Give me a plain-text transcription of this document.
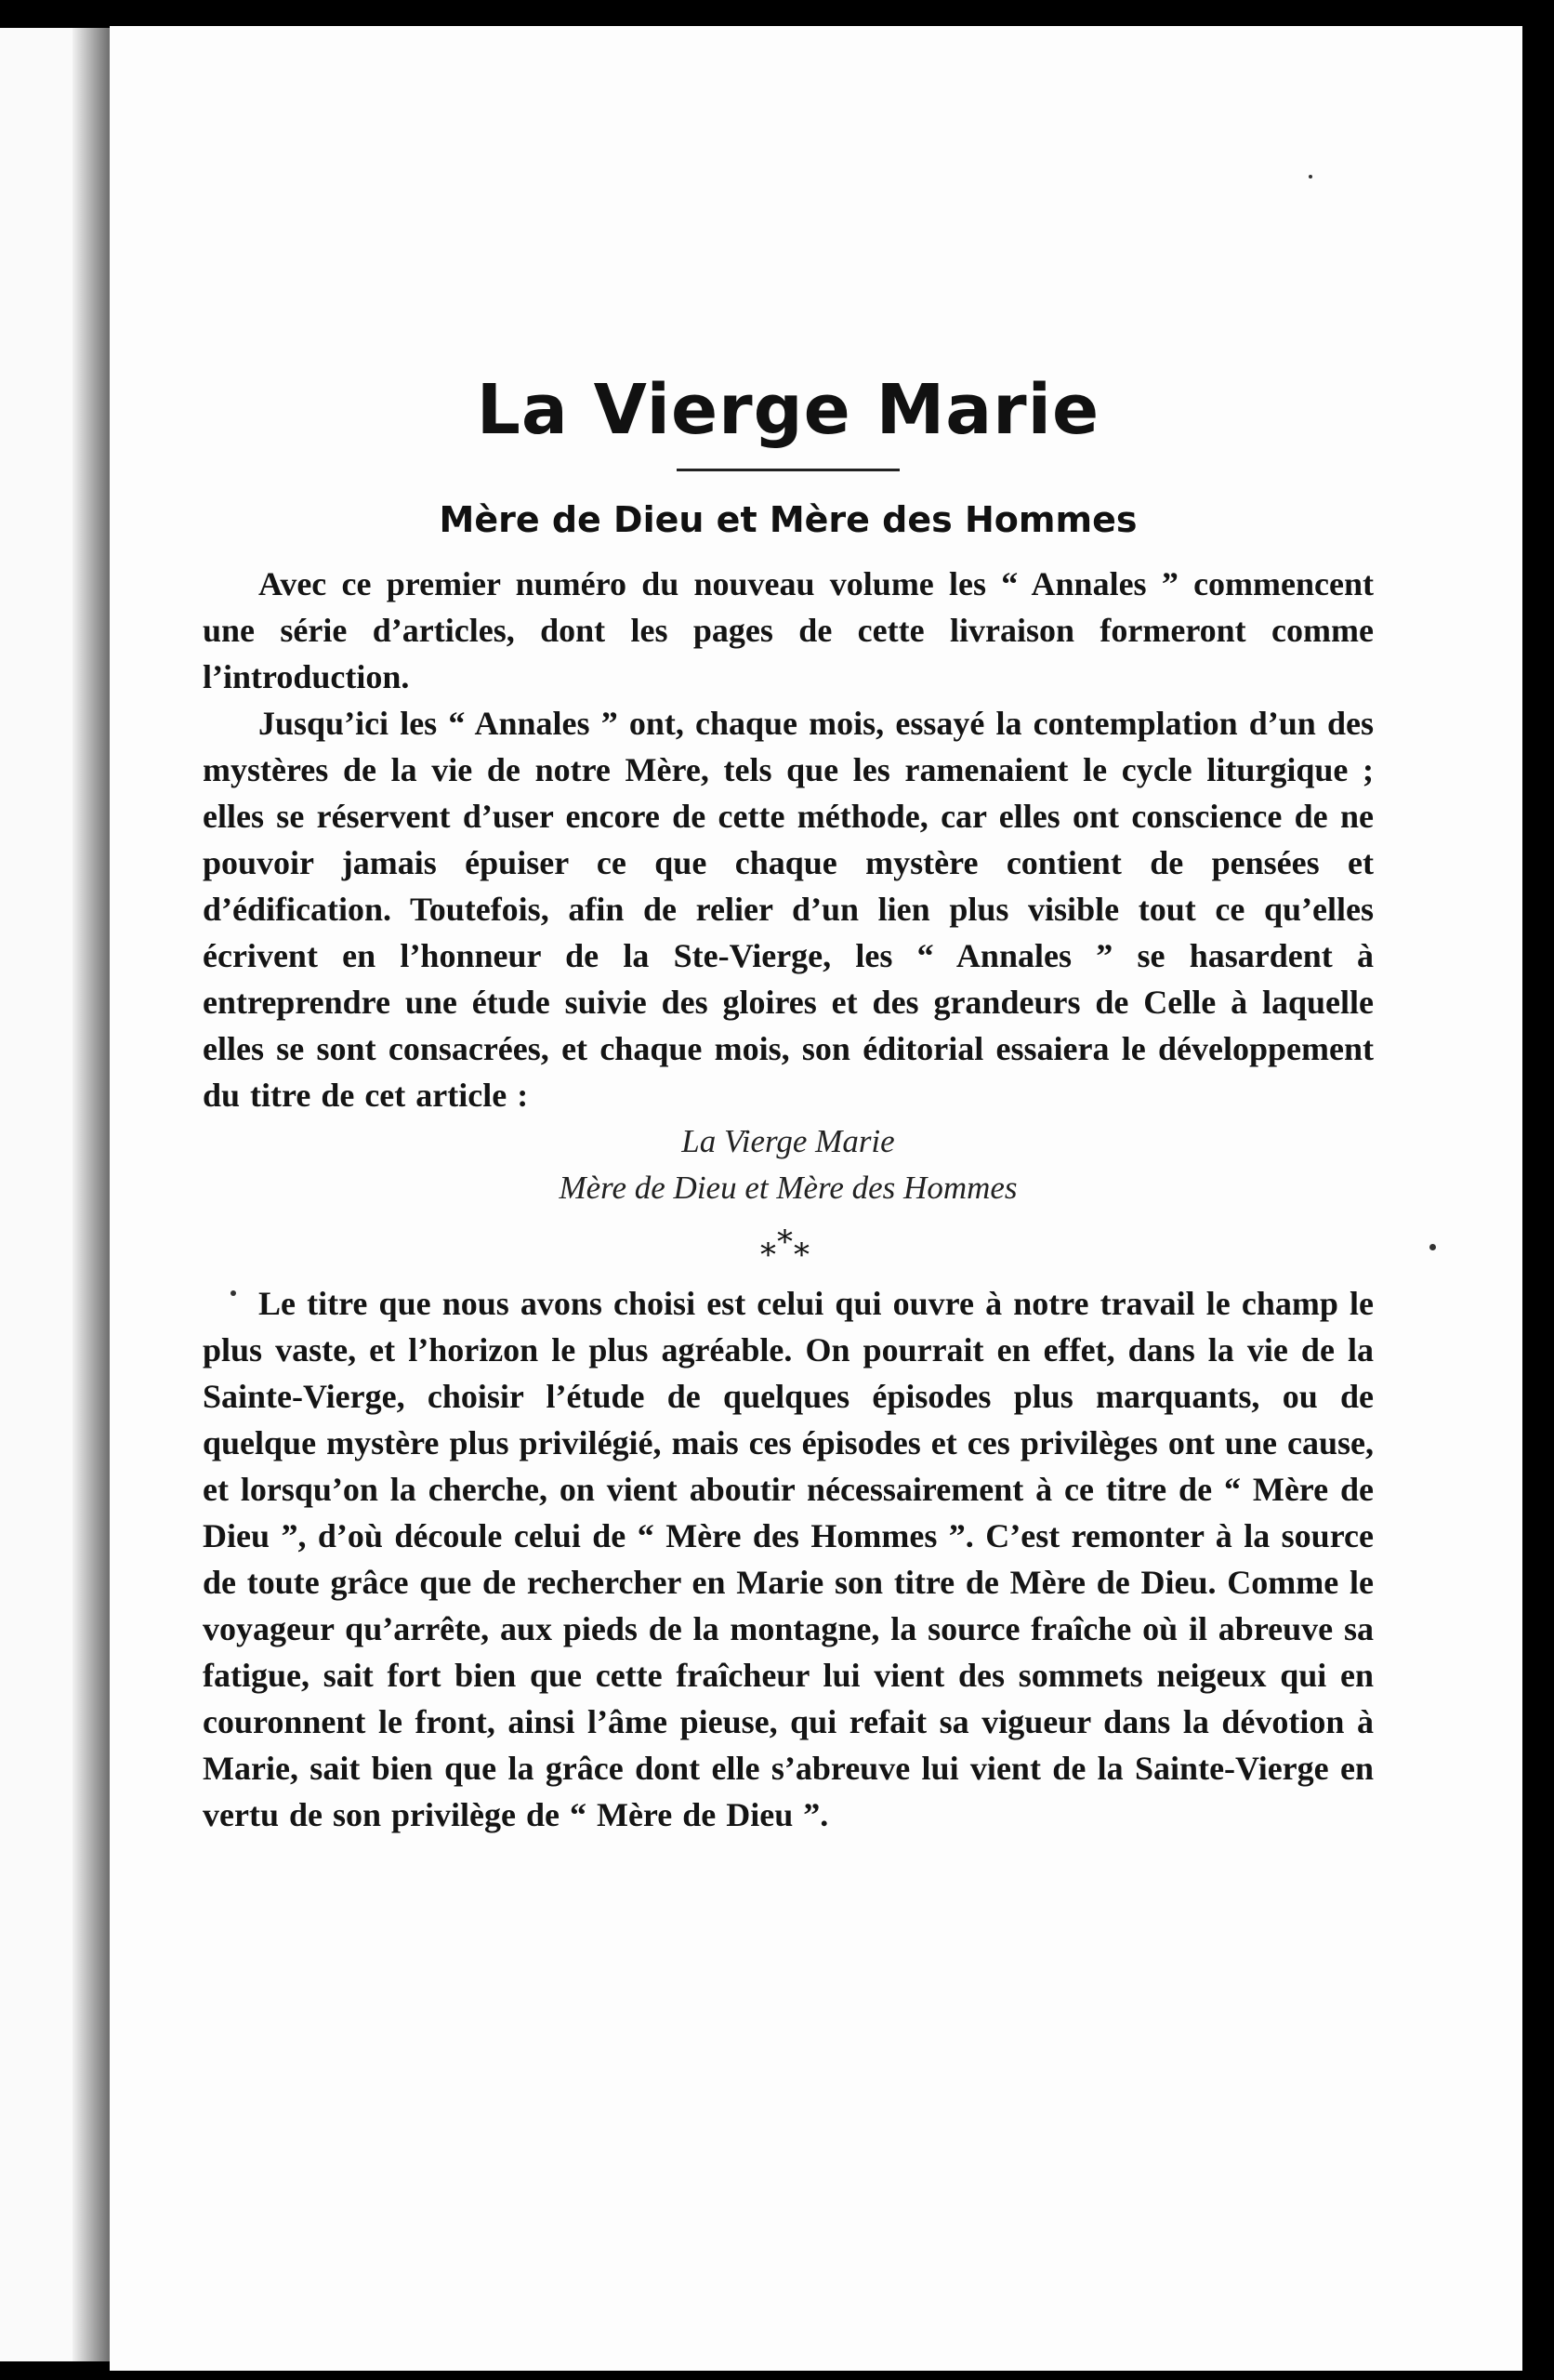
La Vierge Marie
Mère de Dieu et Mère des Hommes

Avec ce premier numéro du nouveau volume les “ Annales ” commencent une série d’articles, dont les pages de cette livraison formeront comme l’introduction.

Jusqu’ici les “ Annales ” ont, chaque mois, essayé la contemplation d’un des mystères de la vie de notre Mère, tels que les ramenaient le cycle liturgique ; elles se réservent d’user encore de cette méthode, car elles ont conscience de ne pouvoir jamais épuiser ce que chaque mystère contient de pensées et d’édification. Toutefois, afin de relier d’un lien plus visible tout ce qu’elles écrivent en l’honneur de la Ste-Vierge, les “ Annales ” se hasardent à entreprendre une étude suivie des gloires et des grandeurs de Celle à laquelle elles se sont consacrées, et chaque mois, son éditorial essaiera le développement du titre de cet article :

La Vierge Marie

Mère de Dieu et Mère des Hommes

*
* *

Le titre que nous avons choisi est celui qui ouvre à notre travail le champ le plus vaste, et l’horizon le plus agréable. On pourrait en effet, dans la vie de la Sainte-Vierge, choisir l’étude de quelques épisodes plus marquants, ou de quelque mystère plus privilégié, mais ces épisodes et ces privilèges ont une cause, et lorsqu’on la cherche, on vient aboutir nécessairement à ce titre de “ Mère de Dieu ”, d’où découle celui de “ Mère des Hommes ”. C’est remonter à la source de toute grâce que de rechercher en Marie son titre de Mère de Dieu. Comme le voyageur qu’arrête, aux pieds de la montagne, la source fraîche où il abreuve sa fatigue, sait fort bien que cette fraîcheur lui vient des sommets neigeux qui en couronnent le front, ainsi l’âme pieuse, qui refait sa vigueur dans la dévotion à Marie, sait bien que la grâce dont elle s’abreuve lui vient de la Sainte-Vierge en vertu de son privilège de “ Mère de Dieu ”.
